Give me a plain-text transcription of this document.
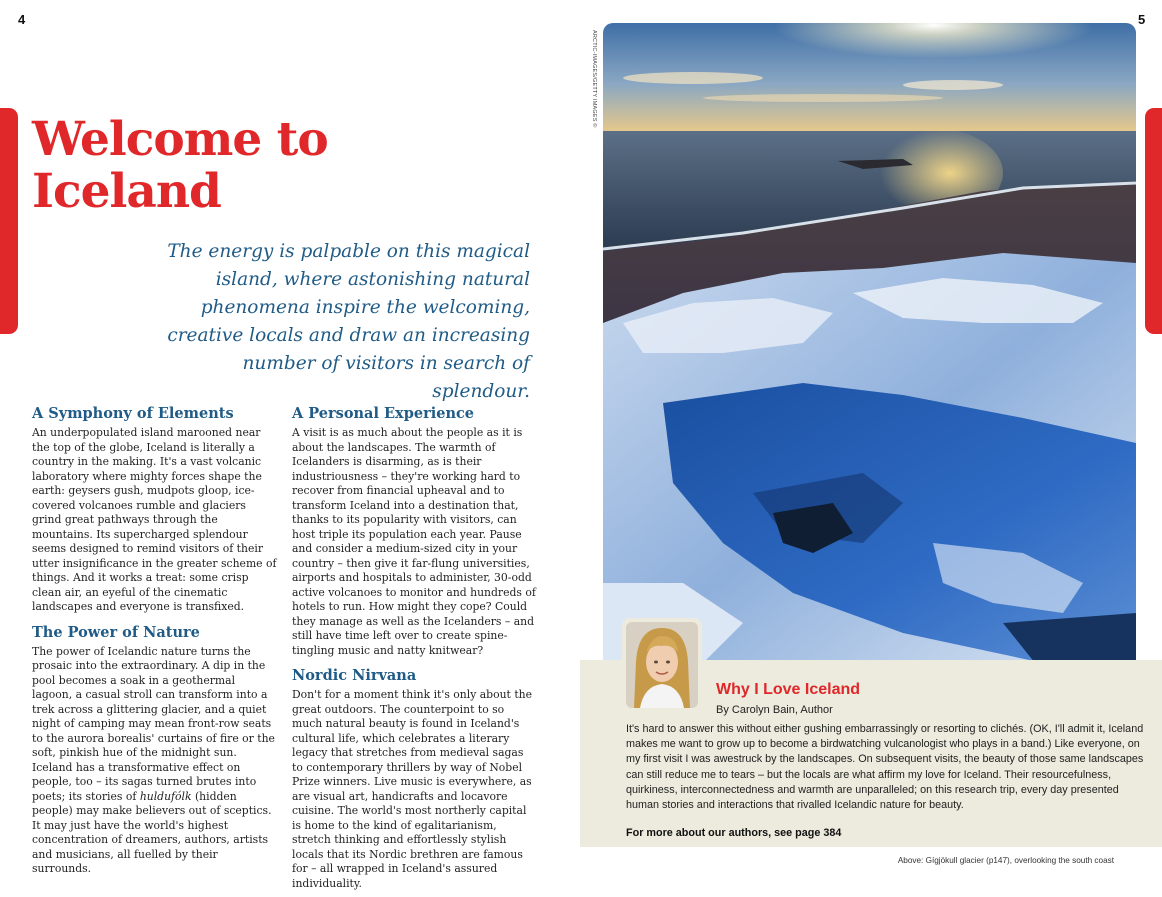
4	5
Welcome to
Iceland
The energy is palpable on this magical
island, where astonishing natural
phenomena inspire the welcoming,
creative locals and draw an increasing
number of visitors in search of splendour.
A Symphony of Elements

An underpopulated island marooned near the top of the globe, Iceland is literally a country in the making. It's a vast volcanic laboratory where mighty forces shape the earth: geysers gush, mudpots gloop, ice-covered volcanoes rumble and glaciers grind great pathways through the mountains. Its supercharged splendour seems designed to remind visitors of their utter insignificance in the greater scheme of things. And it works a treat: some crisp clean air, an eyeful of the cinematic landscapes and everyone is transfixed.

The Power of Nature

The power of Icelandic nature turns the prosaic into the extraordinary. A dip in the pool becomes a soak in a geothermal lagoon, a casual stroll can transform into a trek across a glittering glacier, and a quiet night of camping may mean front-row seats to the aurora borealis' curtains of fire or the soft, pinkish hue of the midnight sun. Iceland has a transformative effect on people, too – its sagas turned brutes into poets; its stories of huldufólk (hidden people) may make believers out of sceptics. It may just have the world's highest concentration of dreamers, authors, artists and musicians, all fuelled by their surrounds.

A Personal Experience

A visit is as much about the people as it is about the landscapes. The warmth of Icelanders is disarming, as is their industriousness – they're working hard to recover from financial upheaval and to transform Iceland into a destination that, thanks to its popularity with visitors, can host triple its population each year. Pause and consider a medium-sized city in your country – then give it far-flung universities, airports and hospitals to administer, 30-odd active volcanoes to monitor and hundreds of hotels to run. How might they cope? Could they manage as well as the Icelanders – and still have time left over to create spine-tingling music and natty knitwear?

Nordic Nirvana

Don't for a moment think it's only about the great outdoors. The counterpoint to so much natural beauty is found in Iceland's cultural life, which celebrates a literary legacy that stretches from medieval sagas to contemporary thrillers by way of Nobel Prize winners. Live music is everywhere, as are visual art, handicrafts and locavore cuisine. The world's most northerly capital is home to the kind of egalitarianism, stretch thinking and effortlessly stylish locals that its Nordic brethren are famous for – all wrapped in Iceland's assured individuality.

ARCTIC-IMAGES/GETTY IMAGES ©
Why I Love Iceland
By Carolyn Bain, Author
It's hard to answer this without either gushing embarrassingly or resorting to clichés. (OK, I'll admit it, Iceland makes me want to grow up to become a birdwatching vulcanologist who plays in a band.) Like everyone, on my first visit I was awestruck by the landscapes. On subsequent visits, the beauty of those same landscapes can still reduce me to tears – but the locals are what affirm my love for Iceland. Their resourcefulness, quirkiness, interconnectedness and warmth are unparalleled; on this research trip, every day presented human stories and interactions that rivalled Icelandic nature for beauty.
For more about our authors, see page 384
Above: Gígjökull glacier (p147), overlooking the south coast
